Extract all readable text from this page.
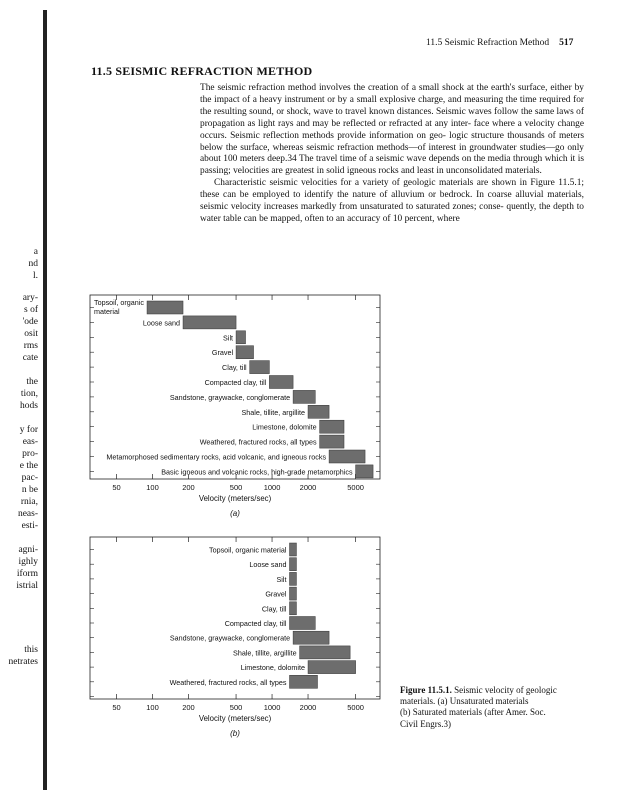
a
nd
l.
ary-
s of
'ode
osit
rms
cate
the
tion,
hods
y for
eas-
pro-
e the
pac-
n be
rnia,
neas-
esti-
agni-
ighly
iform
istrial
this
netrates
11.5 Seismic Refraction Method 517
11.5 SEISMIC REFRACTION METHOD

The seismic refraction method involves the creation of a small shock at the earth's surface, either by the impact of a heavy instrument or by a small explosive charge, and measuring the time required for the resulting sound, or shock, wave to travel known distances. Seismic waves follow the same laws of propagation as light rays and may be reflected or refracted at any inter- face where a velocity change occurs. Seismic reflection methods provide information on geo- logic structure thousands of meters below the surface, whereas seismic refraction methods—of interest in groundwater studies—go only about 100 meters deep.34 The travel time of a seismic wave depends on the media through which it is passing; velocities are greatest in solid igneous rocks and least in unconsolidated materials.

Characteristic seismic velocities for a variety of geologic materials are shown in Figure 11.5.1; these can be employed to identify the nature of alluvium or bedrock. In coarse alluvial materials, seismic velocity increases markedly from unsaturated to saturated zones; conse- quently, the depth to water table can be mapped, often to an accuracy of 10 percent, where

Topsoil, organic
material
Loose sand
Silt
Gravel
Clay, till
Compacted clay, till
Sandstone, graywacke, conglomerate
Shale, tillite, argillite
Limestone, dolomite
Weathered, fractured rocks, all types
Metamorphosed sedimentary rocks, acid volcanic, and igneous rocks
Basic igneous and volcanic rocks, high-grade metamorphics
50	100	200	500	1000	2000	5000
Velocity (meters/sec)
(a)
Topsoil, organic material
Loose sand
Silt
Gravel
Clay, till
Compacted clay, till
Sandstone, graywacke, conglomerate
Shale, tillite, argillite
Limestone, dolomite
Weathered, fractured rocks, all types
50	100	200	500	1000	2000	5000
Velocity (meters/sec)
(b)
Figure 11.5.1. Seismic velocity of geologic
materials. (a) Unsaturated materials
(b) Saturated materials (after Amer. Soc.
Civil Engrs.3)
